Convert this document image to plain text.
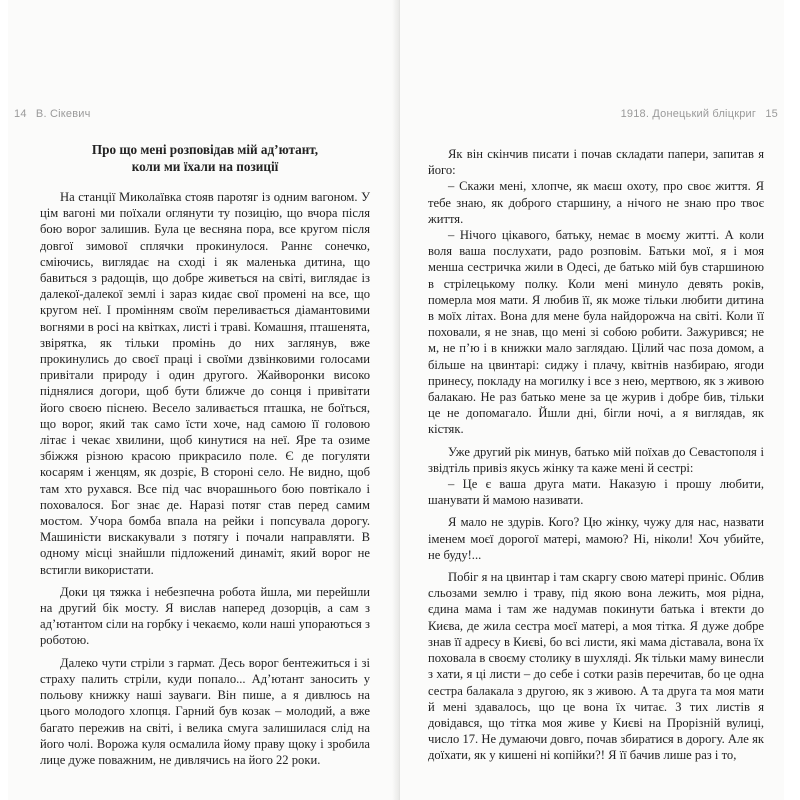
14 В. Сікевич
Про що мені розповідав мій ад’ютант,
коли ми їхали на позиції

На станції Миколаївка стояв паротяг із одним вагоном. У цім вагоні ми поїхали оглянути ту позицію, що вчора після бою ворог залишив. Була це весняна пора, все кругом після довгої зимової сплячки прокинулося. Раннє сонечко, сміючись, виглядає на сході і як маленька дитина, що бавиться з радощів, що добре живеться на світі, виглядає із далекої-далекої землі і зараз кидає свої промені на все, що кругом неї. І промінням своїм переливається діамантовими вогнями в росі на квітках, листі і траві. Комашня, пташенята, звірятка, як тільки промінь до них заглянув, вже прокинулись до своєї праці і своїми дзвінковими голосами привітали природу і один другого. Жайворонки високо піднялися догори, щоб бути ближче до сонця і привітати його своєю піснею. Весело заливається пташка, не боїться, що ворог, який так само їсти хоче, над самою її головою літає і чекає хвилини, щоб кинутися на неї. Яре та озиме збіжжя різною красою прикрасило поле. Є де погуляти косарям і женцям, як дозріє, В стороні село. Не видно, щоб там хто рухався. Все під час вчорашнього бою повтікало і поховалося. Бог знає де. Наразі потяг став перед самим мостом. Учора бомба впала на рейки і попсувала дорогу. Машиністи вискакували з потягу і почали направляти. В одному місці знайшли підложений динаміт, який ворог не встигли використати.

Доки ця тяжка і небезпечна робота йшла, ми перейшли на другий бік мосту. Я вислав наперед дозорців, а сам з ад’ютантом сіли на горбку і чекаємо, коли наші упораються з роботою.

Далеко чути стріли з гармат. Десь ворог бентежиться і зі страху палить стріли, куди попало... Ад’ютант заносить у польову книжку наші зауваги. Він пише, а я дивлюсь на цього молодого хлопця. Гарний був козак – молодий, а вже багато пережив на світі, і велика смуга залишилася слід на його чолі. Ворожа куля осмалила йому праву щоку і зробила лице дуже поважним, не дивлячись на його 22 роки.

1918. Донецький бліцкриг 15

Як він скінчив писати і почав складати папери, запитав я його:

– Скажи мені, хлопче, як маєш охоту, про своє життя. Я тебе знаю, як доброго старшину, а нічого не знаю про твоє життя.

– Нічого цікавого, батьку, немає в моєму житті. А коли воля ваша послухати, радо розповім. Батьки мої, я і моя менша сестричка жили в Одесі, де батько мій був старшиною в стрілецькому полку. Коли мені минуло девять років, померла моя мати. Я любив її, як може тільки любити дитина в моїх літах. Вона для мене була найдорожча на світі. Коли її поховали, я не знав, що мені зі собою робити. Зажурився; не м, не п’ю і в книжки мало заглядаю. Цілий час поза домом, а більше на цвинтарі: сиджу і плачу, квітнів назбираю, ягоди принесу, покладу на могилку і все з нею, мертвою, як з живою балакаю. Не раз батько мене за це журив і добре бив, тільки це не допомагало. Йшли дні, бігли ночі, а я виглядав, як кістяк.

Уже другий рік минув, батько мій поїхав до Севастополя і звідтіль привіз якусь жінку та каже мені й сестрі:

– Це є ваша друга мати. Наказую і прошу любити, шанувати й мамою називати.

Я мало не здурів. Кого? Цю жінку, чужу для нас, назвати іменем моєї дорогої матері, мамою? Ні, ніколи! Хоч убийте, не буду!...

Побіг я на цвинтар і там скаргу свою матері приніс. Облив сльозами землю і траву, під якою вона лежить, моя рідна, єдина мама і там же надумав покинути батька і втекти до Києва, де жила сестра моєї матері, а моя тітка. Я дуже добре знав її адресу в Києві, бо всі листи, які мама діставала, вона їх поховала в своєму столику в шухляді. Як тільки маму винесли з хати, я ці листи – до себе і сотки разів перечитав, бо це одна сестра балакала з другою, як з живою. А та друга та моя мати й мені здавалось, що це вона їх читає. З тих листів я довідався, що тітка моя живе у Києві на Прорізній вулиці, число 17. Не думаючи довго, почав збиратися в дорогу. Але як доїхати, як у кишені ні копійки?! Я її бачив лише раз і то,
